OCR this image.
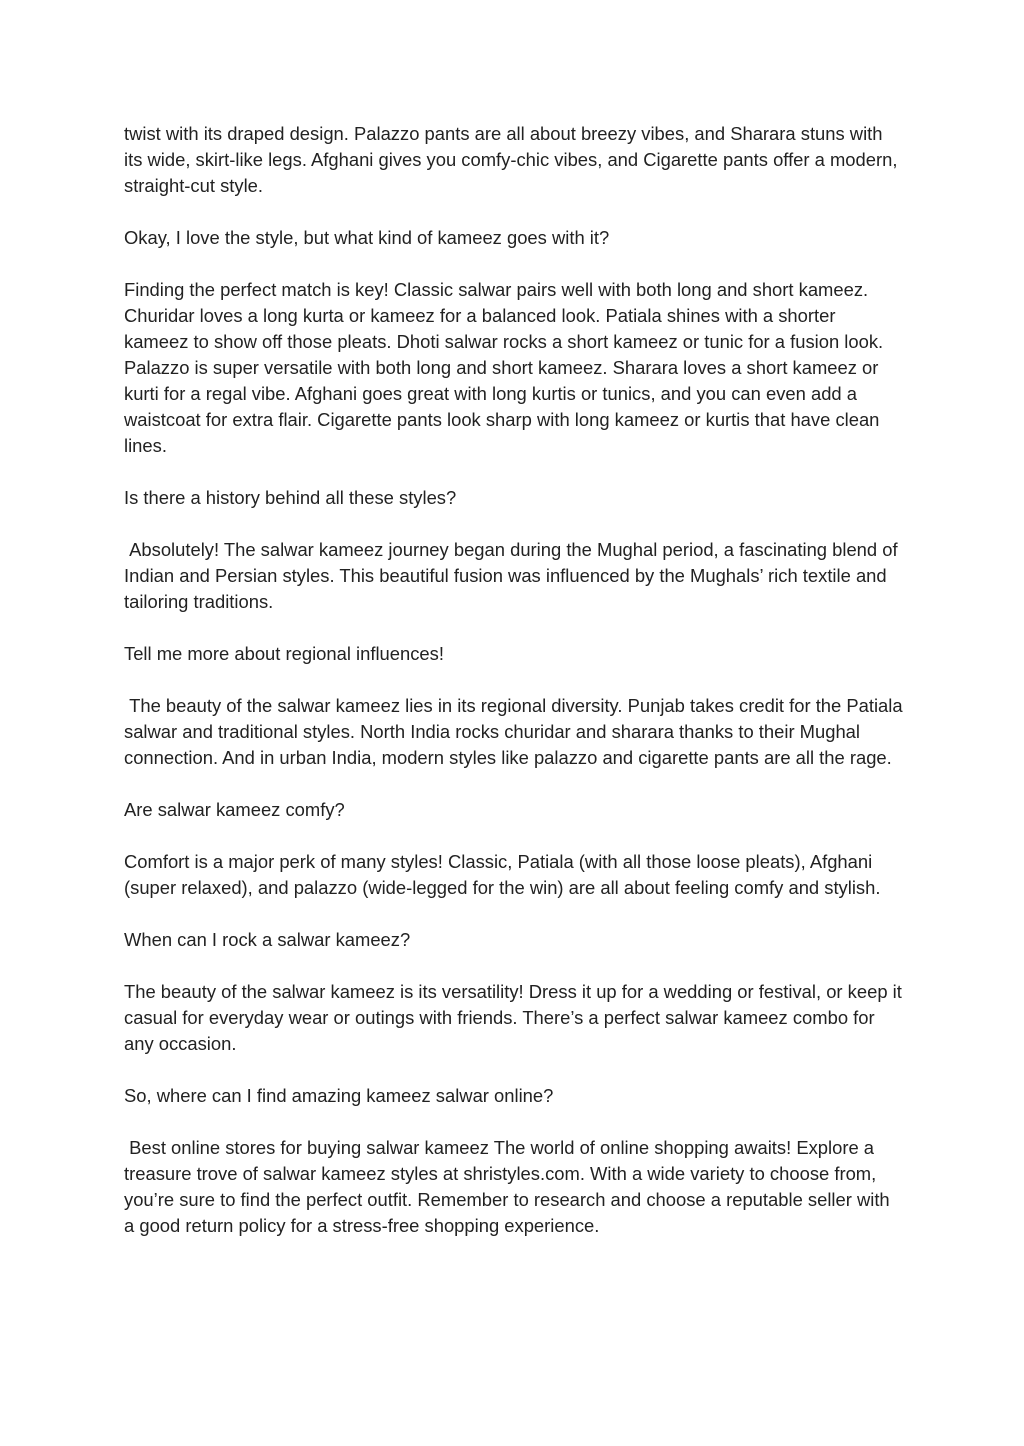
twist with its draped design. Palazzo pants are all about breezy vibes, and Sharara stuns with its wide, skirt-like legs. Afghani gives you comfy-chic vibes, and Cigarette pants offer a modern, straight-cut style.

Okay, I love the style, but what kind of kameez goes with it?

Finding the perfect match is key! Classic salwar pairs well with both long and short kameez. Churidar loves a long kurta or kameez for a balanced look. Patiala shines with a shorter kameez to show off those pleats. Dhoti salwar rocks a short kameez or tunic for a fusion look. Palazzo is super versatile with both long and short kameez. Sharara loves a short kameez or kurti for a regal vibe. Afghani goes great with long kurtis or tunics, and you can even add a waistcoat for extra flair. Cigarette pants look sharp with long kameez or kurtis that have clean lines.

Is there a history behind all these styles?

Absolutely! The salwar kameez journey began during the Mughal period, a fascinating blend of Indian and Persian styles. This beautiful fusion was influenced by the Mughals’ rich textile and tailoring traditions.

Tell me more about regional influences!

The beauty of the salwar kameez lies in its regional diversity. Punjab takes credit for the Patiala salwar and traditional styles. North India rocks churidar and sharara thanks to their Mughal connection. And in urban India, modern styles like palazzo and cigarette pants are all the rage.

Are salwar kameez comfy?

Comfort is a major perk of many styles! Classic, Patiala (with all those loose pleats), Afghani (super relaxed), and palazzo (wide-legged for the win) are all about feeling comfy and stylish.

When can I rock a salwar kameez?

The beauty of the salwar kameez is its versatility! Dress it up for a wedding or festival, or keep it casual for everyday wear or outings with friends. There’s a perfect salwar kameez combo for any occasion.

So, where can I find amazing kameez salwar online?

Best online stores for buying salwar kameez The world of online shopping awaits! Explore a treasure trove of salwar kameez styles at shristyles.com. With a wide variety to choose from, you’re sure to find the perfect outfit. Remember to research and choose a reputable seller with a good return policy for a stress-free shopping experience.
